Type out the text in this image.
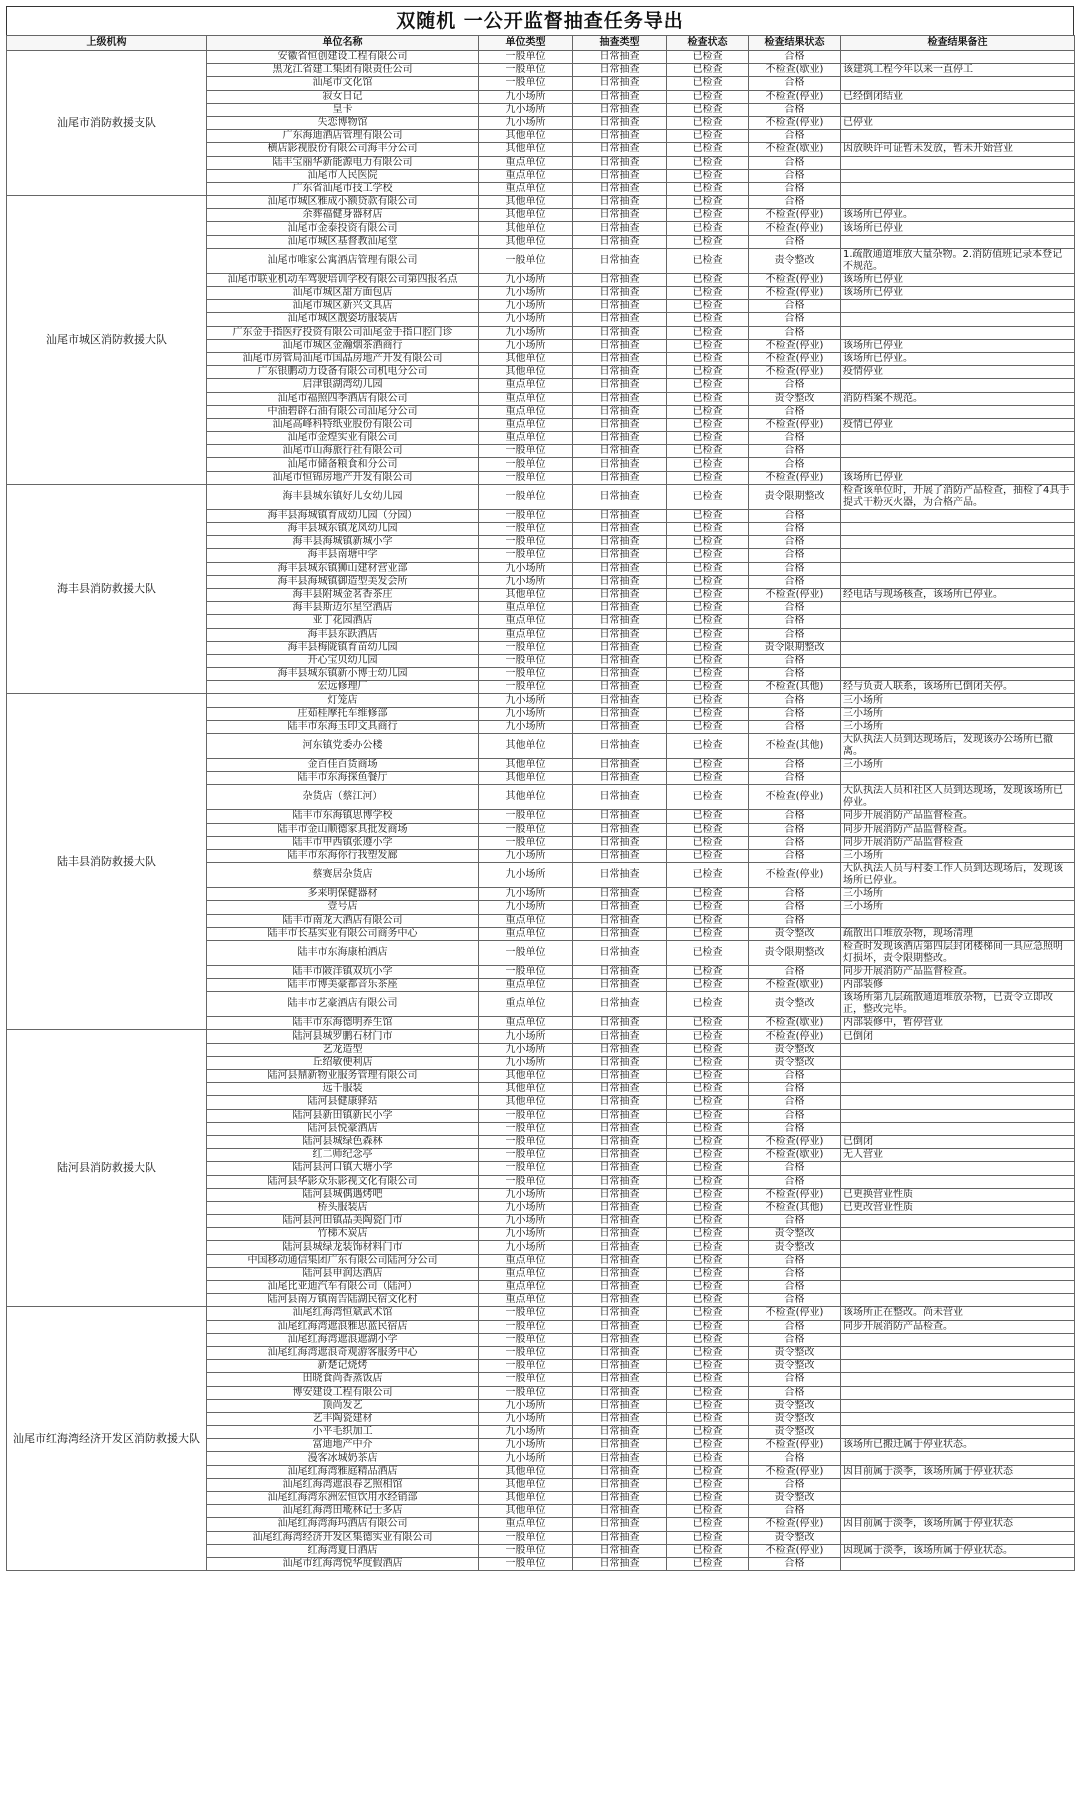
双随机 一公开监督抽查任务导出
上级机构	单位名称	单位类型	抽查类型	检查状态	检查结果状态	检查结果备注
汕尾市消防救援支队	安徽省恒创建设工程有限公司	一般单位	日常抽查	已检查	合格	
	黑龙江省建工集团有限责任公司	一般单位	日常抽查	已检查	不检查(歇业)	该建筑工程今年以来一直停工
	汕尾市文化馆	一般单位	日常抽查	已检查	合格	
	寂女日记	九小场所	日常抽查	已检查	不检查(停业)	已经倒闭结业
	皇卡	九小场所	日常抽查	已检查	合格	
	失恋博物馆	九小场所	日常抽查	已检查	不检查(停业)	已停业
	广东海迪酒店管理有限公司	其他单位	日常抽查	已检查	合格	
	横店影视股份有限公司海丰分公司	其他单位	日常抽查	已检查	不检查(歇业)	因放映许可证暂未发放，暂未开始营业
	陆丰宝丽华新能源电力有限公司	重点单位	日常抽查	已检查	合格	
	汕尾市人民医院	重点单位	日常抽查	已检查	合格	
	广东省汕尾市技工学校	重点单位	日常抽查	已检查	合格	
汕尾市城区消防救援大队	汕尾市城区雅成小额贷款有限公司	其他单位	日常抽查	已检查	合格	
	余葬福健身器材店	其他单位	日常抽查	已检查	不检查(停业)	该场所已停业。
	汕尾市金泰投资有限公司	其他单位	日常抽查	已检查	不检查(停业)	该场所已停业
	汕尾市城区基督教汕尾堂	其他单位	日常抽查	已检查	合格	
	汕尾市唯家公寓酒店管理有限公司	一般单位	日常抽查	已检查	责令整改	1.疏散通道堆放大量杂物。2.消防值班记录本登记不规范。
	汕尾市联业机动车驾驶培训学校有限公司第四报名点	九小场所	日常抽查	已检查	不检查(停业)	该场所已停业
	汕尾市城区甜方面包店	九小场所	日常抽查	已检查	不检查(停业)	该场所已停业
	汕尾市城区新兴文具店	九小场所	日常抽查	已检查	合格	
	汕尾市城区靓姿坊服装店	九小场所	日常抽查	已检查	合格	
	广东金手指医疗投资有限公司汕尾金手指口腔门诊	九小场所	日常抽查	已检查	合格	
	汕尾市城区金瀚烟茶酒商行	九小场所	日常抽查	已检查	不检查(停业)	该场所已停业
	汕尾市房管局汕尾市国晶房地产开发有限公司	其他单位	日常抽查	已检查	不检查(停业)	该场所已停业。
	广东银鹏动力设备有限公司机电分公司	其他单位	日常抽查	已检查	不检查(停业)	疫情停业
	启津银湖湾幼儿园	重点单位	日常抽查	已检查	合格	
	汕尾市福照四季酒店有限公司	重点单位	日常抽查	已检查	责令整改	消防档案不规范。
	中油碧辟石油有限公司汕尾分公司	重点单位	日常抽查	已检查	合格	
	汕尾高峰科特纸业股份有限公司	重点单位	日常抽查	已检查	不检查(停业)	疫情已停业
	汕尾市金煌实业有限公司	重点单位	日常抽查	已检查	合格	
	汕尾市山海旅行社有限公司	一般单位	日常抽查	已检查	合格	
	汕尾市储备粮食和分公司	一般单位	日常抽查	已检查	合格	
	汕尾市恒锦房地产开发有限公司	一般单位	日常抽查	已检查	不检查(停业)	该场所已停业
海丰县消防救援大队	海丰县城东镇好儿女幼儿园	一般单位	日常抽查	已检查	责令限期整改	检查该单位时，开展了消防产品检查，抽检了4具手提式干粉灭火器，为合格产品。
	海丰县海城镇育成幼儿园（分园）	一般单位	日常抽查	已检查	合格	
	海丰县城东镇龙凤幼儿园	一般单位	日常抽查	已检查	合格	
	海丰县海城镇新城小学	一般单位	日常抽查	已检查	合格	
	海丰县南塘中学	一般单位	日常抽查	已检查	合格	
	海丰县城东镇狮山建材营业部	九小场所	日常抽查	已检查	合格	
	海丰县海城镇御造型美发会所	九小场所	日常抽查	已检查	合格	
	海丰县附城金茗香茶庄	其他单位	日常抽查	已检查	不检查(停业)	经电话与现场核查，该场所已停业。
	海丰县斯迈尔星空酒店	重点单位	日常抽查	已检查	合格	
	亚丁花园酒店	重点单位	日常抽查	已检查	合格	
	海丰县东跃酒店	重点单位	日常抽查	已检查	合格	
	海丰县梅陇镇育苗幼儿园	一般单位	日常抽查	已检查	责令限期整改	
	开心宝贝幼儿园	一般单位	日常抽查	已检查	合格	
	海丰县城东镇新小博士幼儿园	一般单位	日常抽查	已检查	合格	
	宏远修理厂	一般单位	日常抽查	已检查	不检查(其他)	经与负责人联系，该场所已倒闭关停。
陆丰县消防救援大队	灯笼店	九小场所	日常抽查	已检查	合格	三小场所
	庄茹桂摩托车维修部	九小场所	日常抽查	已检查	合格	三小场所
	陆丰市东海玉印文具商行	九小场所	日常抽查	已检查	合格	三小场所
	河东镇党委办公楼	其他单位	日常抽查	已检查	不检查(其他)	大队执法人员到达现场后，发现该办公场所已撤离。
	金百佳百货商场	其他单位	日常抽查	已检查	合格	三小场所
	陆丰市东海探鱼餐厅	其他单位	日常抽查	已检查	合格	
	杂货店（蔡江河）	其他单位	日常抽查	已检查	不检查(停业)	大队执法人员和社区人员到达现场，发现该场所已停业。
	陆丰市东海镇思博学校	一般单位	日常抽查	已检查	合格	同步开展消防产品监督检查。
	陆丰市金山顺德家具批发商场	一般单位	日常抽查	已检查	合格	同步开展消防产品监督检查。
	陆丰市甲西镇张遵小学	一般单位	日常抽查	已检查	合格	同步开展消防产品监督检查
	陆丰市东海你行我塑发廊	九小场所	日常抽查	已检查	合格	三小场所
	蔡赛居杂货店	九小场所	日常抽查	已检查	不检查(停业)	大队执法人员与村委工作人员到达现场后，发现该场所已停业。
	多来明保健器材	九小场所	日常抽查	已检查	合格	三小场所
	壹号店	九小场所	日常抽查	已检查	合格	三小场所
	陆丰市南龙大酒店有限公司	重点单位	日常抽查	已检查	合格	
	陆丰市长基实业有限公司商务中心	重点单位	日常抽查	已检查	责令整改	疏散出口堆放杂物，现场清理
	陆丰市东海康柏酒店	一般单位	日常抽查	已检查	责令限期整改	检查时发现该酒店第四层封闭楼梯间一具应急照明灯损坏，责令限期整改。
	陆丰市陂洋镇双坑小学	一般单位	日常抽查	已检查	合格	同步开展消防产品监督检查。
	陆丰市博美豪都音乐茶座	重点单位	日常抽查	已检查	不检查(歇业)	内部装修
	陆丰市艺豪酒店有限公司	重点单位	日常抽查	已检查	责令整改	该场所第九层疏散通道堆放杂物，已责令立即改正，整改完毕。
	陆丰市东海德明养生馆	重点单位	日常抽查	已检查	不检查(歇业)	内部装修中，暂停营业
陆河县消防救援大队	陆河县城罗鹏石材门市	九小场所	日常抽查	已检查	不检查(停业)	已倒闭
	艺龙造型	九小场所	日常抽查	已检查	责令整改	
	丘绍敏便利店	九小场所	日常抽查	已检查	责令整改	
	陆河县鼎新物业服务管理有限公司	其他单位	日常抽查	已检查	合格	
	远千服装	其他单位	日常抽查	已检查	合格	
	陆河县健康驿站	其他单位	日常抽查	已检查	合格	
	陆河县新田镇新民小学	一般单位	日常抽查	已检查	合格	
	陆河县悦豪酒店	一般单位	日常抽查	已检查	合格	
	陆河县城绿色森林	一般单位	日常抽查	已检查	不检查(停业)	已倒闭
	红二师纪念亭	一般单位	日常抽查	已检查	不检查(歇业)	无人营业
	陆河县河口镇大塘小学	一般单位	日常抽查	已检查	合格	
	陆河县华影众乐影视文化有限公司	一般单位	日常抽查	已检查	合格	
	陆河县城偶遇烤吧	九小场所	日常抽查	已检查	不检查(停业)	已更换营业性质
	桥头服装店	九小场所	日常抽查	已检查	不检查(其他)	已更改营业性质
	陆河县河田镇晶美陶瓷门市	九小场所	日常抽查	已检查	合格	
	竹梯木炭店	九小场所	日常抽查	已检查	责令整改	
	陆河县城绿龙装饰材料门市	九小场所	日常抽查	已检查	责令整改	
	中国移动通信集团广东有限公司陆河分公司	重点单位	日常抽查	已检查	合格	
	陆河县申润达酒店	重点单位	日常抽查	已检查	合格	
	汕尾比亚迪汽车有限公司（陆河）	重点单位	日常抽查	已检查	合格	
	陆河县南万镇南告陆湖民宿文化村	重点单位	日常抽查	已检查	合格	
汕尾市红海湾经济开发区消防救援大队	汕尾红海湾恒斌武术馆	一般单位	日常抽查	已检查	不检查(停业)	该场所正在整改。尚未营业
	汕尾红海湾遮浪雅思蓝民宿店	一般单位	日常抽查	已检查	合格	同步开展消防产品检查。
	汕尾红海湾遮浪遮湖小学	一般单位	日常抽查	已检查	合格	
	汕尾红海湾遮浪奇观游客服务中心	一般单位	日常抽查	已检查	责令整改	
	新楚记烧烤	一般单位	日常抽查	已检查	责令整改	
	田晓食尚香蒸饭店	一般单位	日常抽查	已检查	合格	
	博安建设工程有限公司	一般单位	日常抽查	已检查	合格	
	顶尚发艺	九小场所	日常抽查	已检查	责令整改	
	艺丰陶瓷建材	九小场所	日常抽查	已检查	责令整改	
	小平毛织加工	九小场所	日常抽查	已检查	责令整改	
	富迪地产中介	九小场所	日常抽查	已检查	不检查(停业)	该场所已搬迁属于停业状态。
	漫客冰城奶茶店	九小场所	日常抽查	已检查	合格	
	汕尾红海湾雅庭精品酒店	其他单位	日常抽查	已检查	不检查(停业)	因目前属于淡季，该场所属于停业状态
	汕尾红海湾遮浪春艺照相馆	其他单位	日常抽查	已检查	合格	
	汕尾红海湾东洲宏恒饮用水经销部	其他单位	日常抽查	已检查	责令整改	
	汕尾红海湾田墘林记士多店	其他单位	日常抽查	已检查	合格	
	汕尾红海湾海玛酒店有限公司	重点单位	日常抽查	已检查	不检查(停业)	因目前属于淡季，该场所属于停业状态
	汕尾红海湾经济开发区集德实业有限公司	一般单位	日常抽查	已检查	责令整改	
	红海湾夏日酒店	一般单位	日常抽查	已检查	不检查(停业)	因现属于淡季，该场所属于停业状态。
	汕尾市红海湾悦华度假酒店	一般单位	日常抽查	已检查	合格	
